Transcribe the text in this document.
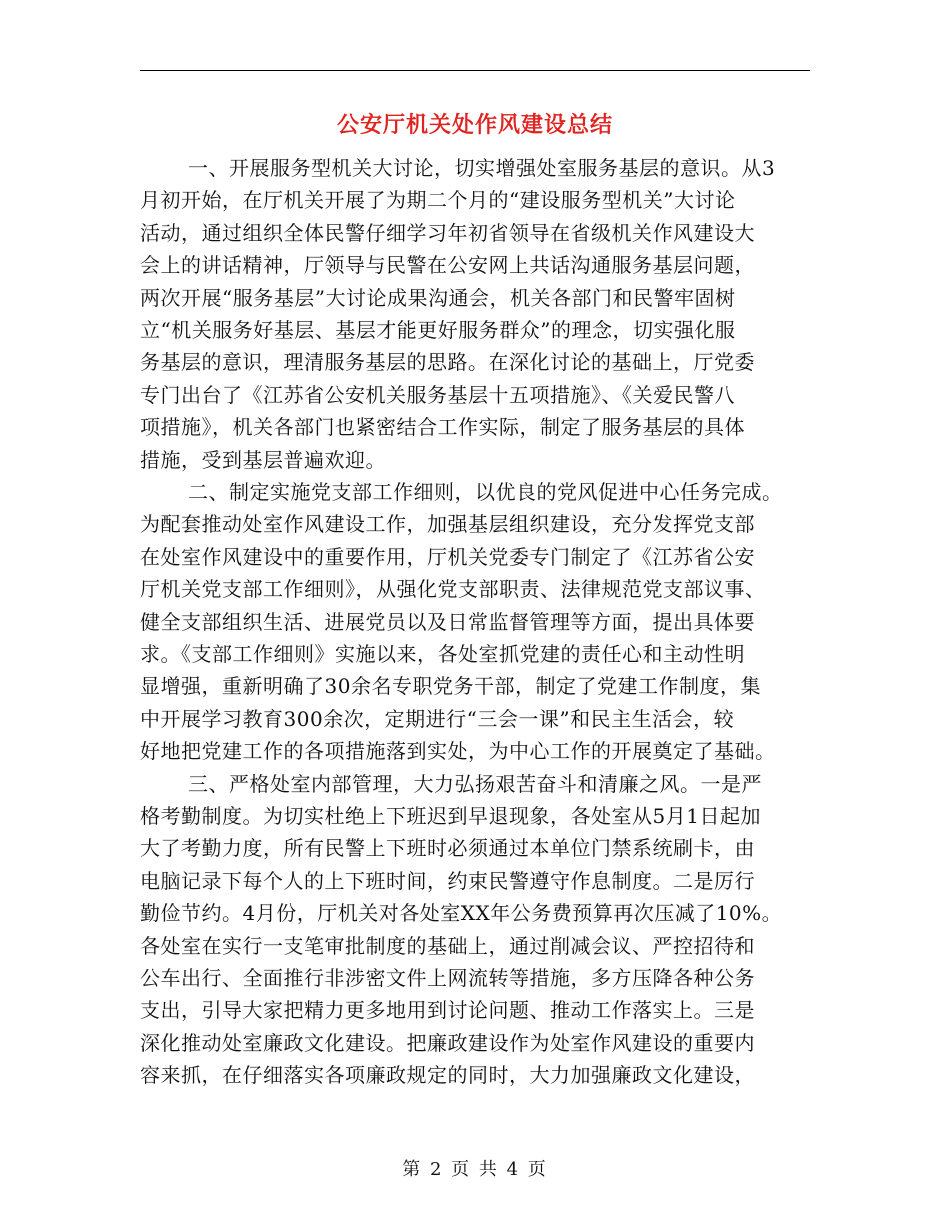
公安厅机关处作风建设总结
一、开展服务型机关大讨论，切实增强处室服务基层的意识。从3
月初开始，在厅机关开展了为期二个月的“建设服务型机关”大讨论
活动，通过组织全体民警仔细学习年初省领导在省级机关作风建设大
会上的讲话精神，厅领导与民警在公安网上共话沟通服务基层问题，
两次开展“服务基层”大讨论成果沟通会，机关各部门和民警牢固树
立“机关服务好基层、基层才能更好服务群众”的理念，切实强化服
务基层的意识，理清服务基层的思路。在深化讨论的基础上，厅党委
专门出台了《江苏省公安机关服务基层十五项措施》、《关爱民警八
项措施》，机关各部门也紧密结合工作实际，制定了服务基层的具体
措施，受到基层普遍欢迎。
二、制定实施党支部工作细则，以优良的党风促进中心任务完成。
为配套推动处室作风建设工作，加强基层组织建设，充分发挥党支部
在处室作风建设中的重要作用，厅机关党委专门制定了《江苏省公安
厅机关党支部工作细则》，从强化党支部职责、法律规范党支部议事、
健全支部组织生活、进展党员以及日常监督管理等方面，提出具体要
求。《支部工作细则》实施以来，各处室抓党建的责任心和主动性明
显增强，重新明确了30余名专职党务干部，制定了党建工作制度，集
中开展学习教育300余次，定期进行“三会一课”和民主生活会，较
好地把党建工作的各项措施落到实处，为中心工作的开展奠定了基础。
三、严格处室内部管理，大力弘扬艰苦奋斗和清廉之风。一是严
格考勤制度。为切实杜绝上下班迟到早退现象，各处室从5月1日起加
大了考勤力度，所有民警上下班时必须通过本单位门禁系统刷卡，由
电脑记录下每个人的上下班时间，约束民警遵守作息制度。二是厉行
勤俭节约。4月份，厅机关对各处室XX年公务费预算再次压减了10%。
各处室在实行一支笔审批制度的基础上，通过削减会议、严控招待和
公车出行、全面推行非涉密文件上网流转等措施，多方压降各种公务
支出，引导大家把精力更多地用到讨论问题、推动工作落实上。三是
深化推动处室廉政文化建设。把廉政建设作为处室作风建设的重要内
容来抓，在仔细落实各项廉政规定的同时，大力加强廉政文化建设，
第 2 页 共 4 页
